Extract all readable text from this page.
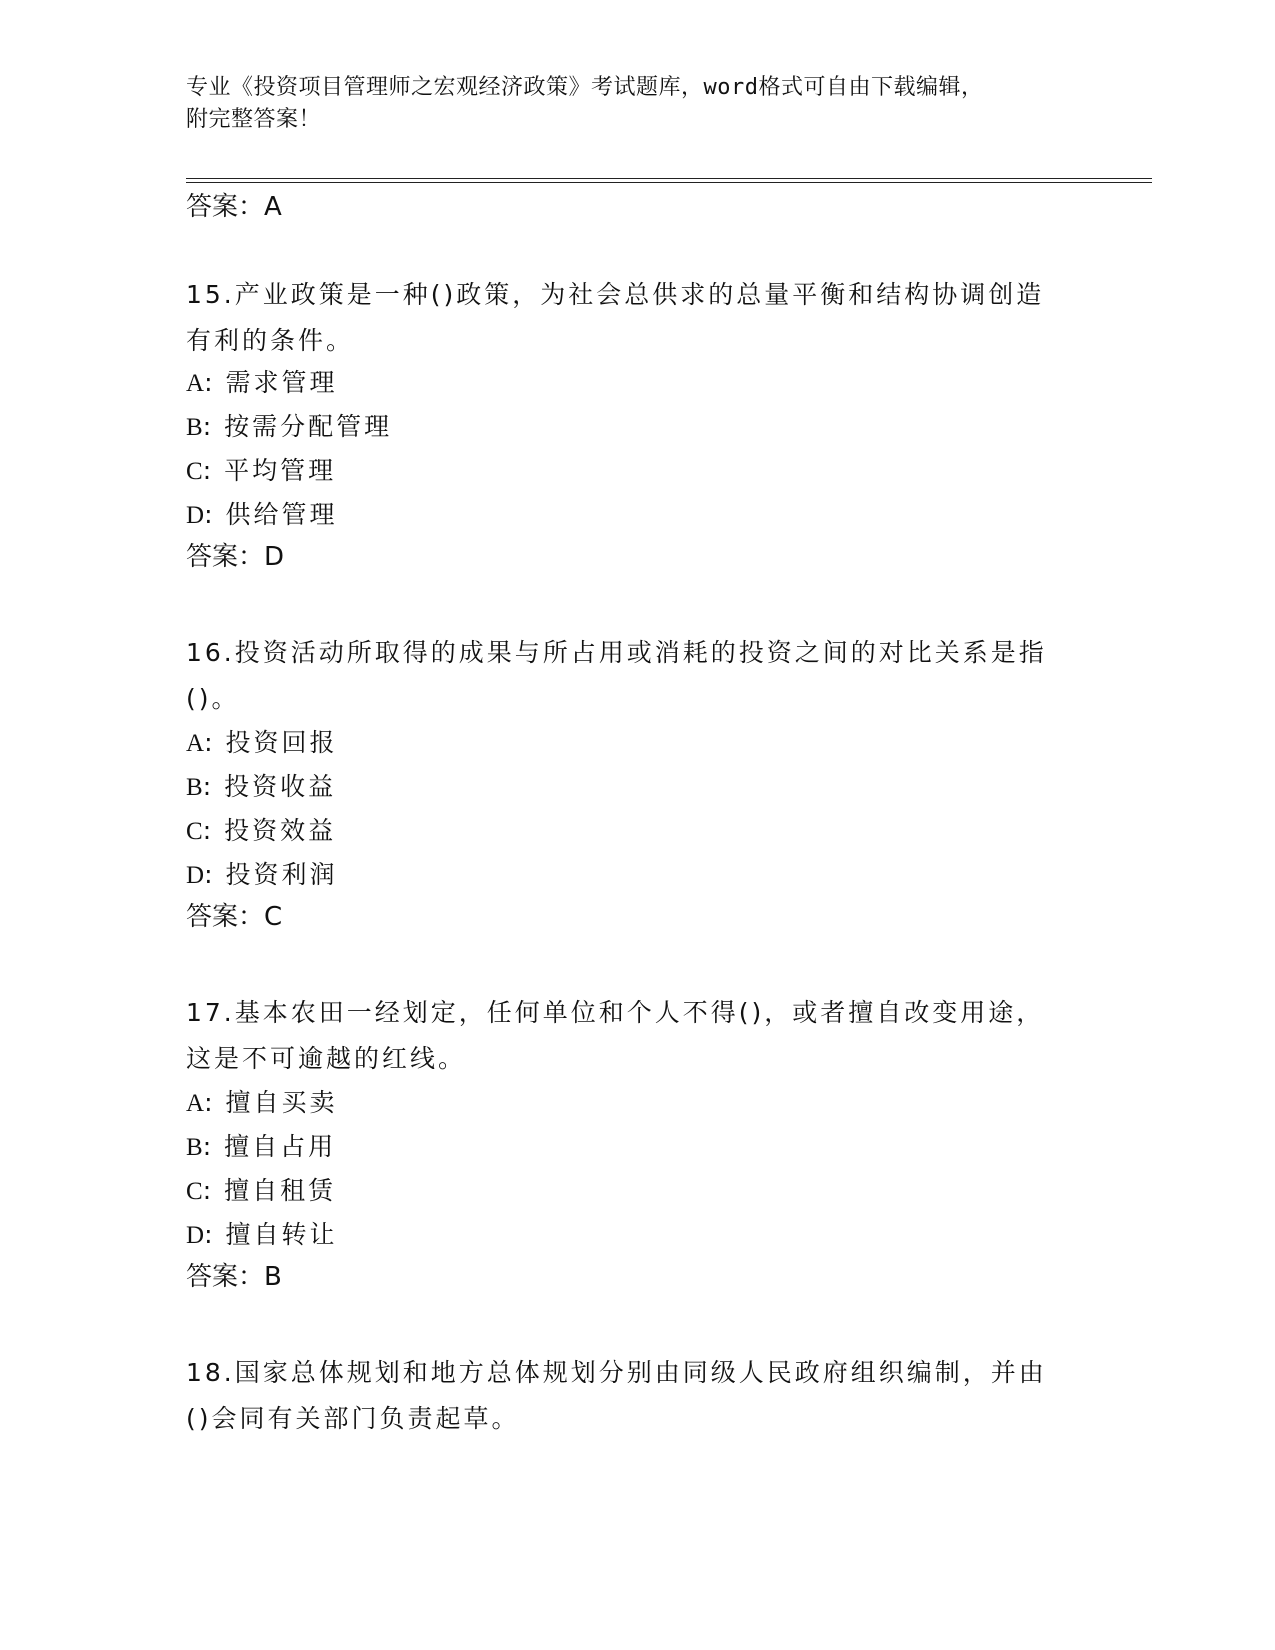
专业《投资项目管理师之宏观经济政策》考试题库，word格式可自由下载编辑，
附完整答案！
答案：A
15.产业政策是一种()政策，为社会总供求的总量平衡和结构协调创造
有利的条件。
A: 需求管理
B: 按需分配管理
C: 平均管理
D: 供给管理
答案：D
16.投资活动所取得的成果与所占用或消耗的投资之间的对比关系是指
()。
A: 投资回报
B: 投资收益
C: 投资效益
D: 投资利润
答案：C
17.基本农田一经划定，任何单位和个人不得()，或者擅自改变用途，
这是不可逾越的红线。
A: 擅自买卖
B: 擅自占用
C: 擅自租赁
D: 擅自转让
答案：B
18.国家总体规划和地方总体规划分别由同级人民政府组织编制，并由
()会同有关部门负责起草。
